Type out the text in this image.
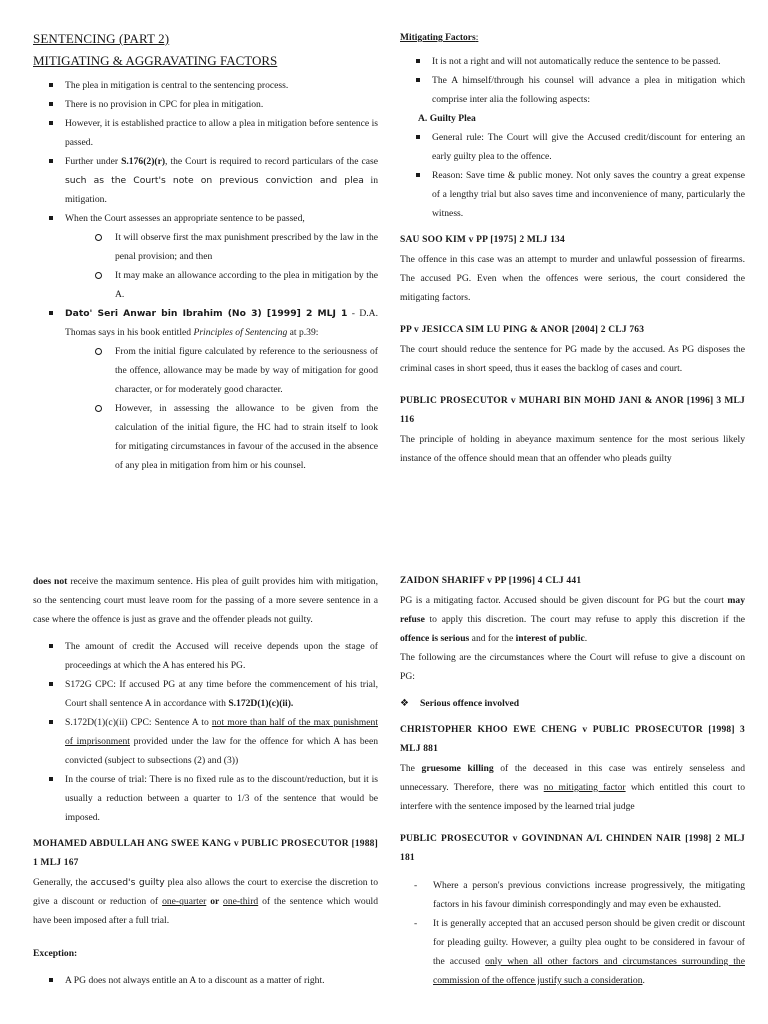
SENTENCING (PART 2)
MITIGATING & AGGRAVATING FACTORS
The plea in mitigation is central to the sentencing process.
There is no provision in CPC for plea in mitigation.
However, it is established practice to allow a plea in mitigation before sentence is passed.
Further under S.176(2)(r), the Court is required to record particulars of the case such as the Court's note on previous conviction and plea in mitigation.
When the Court assesses an appropriate sentence to be passed,
It will observe first the max punishment prescribed by the law in the penal provision; and then
It may make an allowance according to the plea in mitigation by the A.
Dato' Seri Anwar bin Ibrahim (No 3) [1999] 2 MLJ 1 - D.A. Thomas says in his book entitled Principles of Sentencing at p.39:
From the initial figure calculated by reference to the seriousness of the offence, allowance may be made by way of mitigation for good character, or for moderately good character.
However, in assessing the allowance to be given from the calculation of the initial figure, the HC had to strain itself to look for mitigating circumstances in favour of the accused in the absence of any plea in mitigation from him or his counsel.
Mitigating Factors:
It is not a right and will not automatically reduce the sentence to be passed.
The A himself/through his counsel will advance a plea in mitigation which comprise inter alia the following aspects:
A. Guilty Plea
General rule: The Court will give the Accused credit/discount for entering an early guilty plea to the offence.
Reason: Save time & public money. Not only saves the country a great expense of a lengthy trial but also saves time and inconvenience of many, particularly the witness.
SAU SOO KIM v PP [1975] 2 MLJ 134
The offence in this case was an attempt to murder and unlawful possession of firearms. The accused PG. Even when the offences were serious, the court considered the mitigating factors.
PP v JESICCA SIM LU PING & ANOR [2004] 2 CLJ 763
The court should reduce the sentence for PG made by the accused. As PG disposes the criminal cases in short speed, thus it eases the backlog of cases and court.
PUBLIC PROSECUTOR v MUHARI BIN MOHD JANI & ANOR [1996] 3 MLJ 116
The principle of holding in abeyance maximum sentence for the most serious likely instance of the offence should mean that an offender who pleads guilty
does not receive the maximum sentence. His plea of guilt provides him with mitigation, so the sentencing court must leave room for the passing of a more severe sentence in a case where the offence is just as grave and the offender pleads not guilty.
The amount of credit the Accused will receive depends upon the stage of proceedings at which the A has entered his PG.
S172G CPC: If accused PG at any time before the commencement of his trial, Court shall sentence A in accordance with S.172D(1)(c)(ii).
S.172D(1)(c)(ii) CPC: Sentence A to not more than half of the max punishment of imprisonment provided under the law for the offence for which A has been convicted (subject to subsections (2) and (3))
In the course of trial: There is no fixed rule as to the discount/reduction, but it is usually a reduction between a quarter to 1/3 of the sentence that would be imposed.
MOHAMED ABDULLAH ANG SWEE KANG v PUBLIC PROSECUTOR [1988] 1 MLJ 167
Generally, the accused's guilty plea also allows the court to exercise the discretion to give a discount or reduction of one-quarter or one-third of the sentence which would have been imposed after a full trial.
Exception:
A PG does not always entitle an A to a discount as a matter of right.
ZAIDON SHARIFF v PP [1996] 4 CLJ 441
PG is a mitigating factor. Accused should be given discount for PG but the court may refuse to apply this discretion. The court may refuse to apply this discretion if the offence is serious and for the interest of public.
The following are the circumstances where the Court will refuse to give a discount on PG:
❖ Serious offence involved
CHRISTOPHER KHOO EWE CHENG v PUBLIC PROSECUTOR [1998] 3 MLJ 881
The gruesome killing of the deceased in this case was entirely senseless and unnecessary. Therefore, there was no mitigating factor which entitled this court to interfere with the sentence imposed by the learned trial judge
PUBLIC PROSECUTOR v GOVINDNAN A/L CHINDEN NAIR [1998] 2 MLJ 181
- Where a person's previous convictions increase progressively, the mitigating factors in his favour diminish correspondingly and may even be exhausted.
- It is generally accepted that an accused person should be given credit or discount for pleading guilty. However, a guilty plea ought to be considered in favour of the accused only when all other factors and circumstances surrounding the commission of the offence justify such a consideration.
